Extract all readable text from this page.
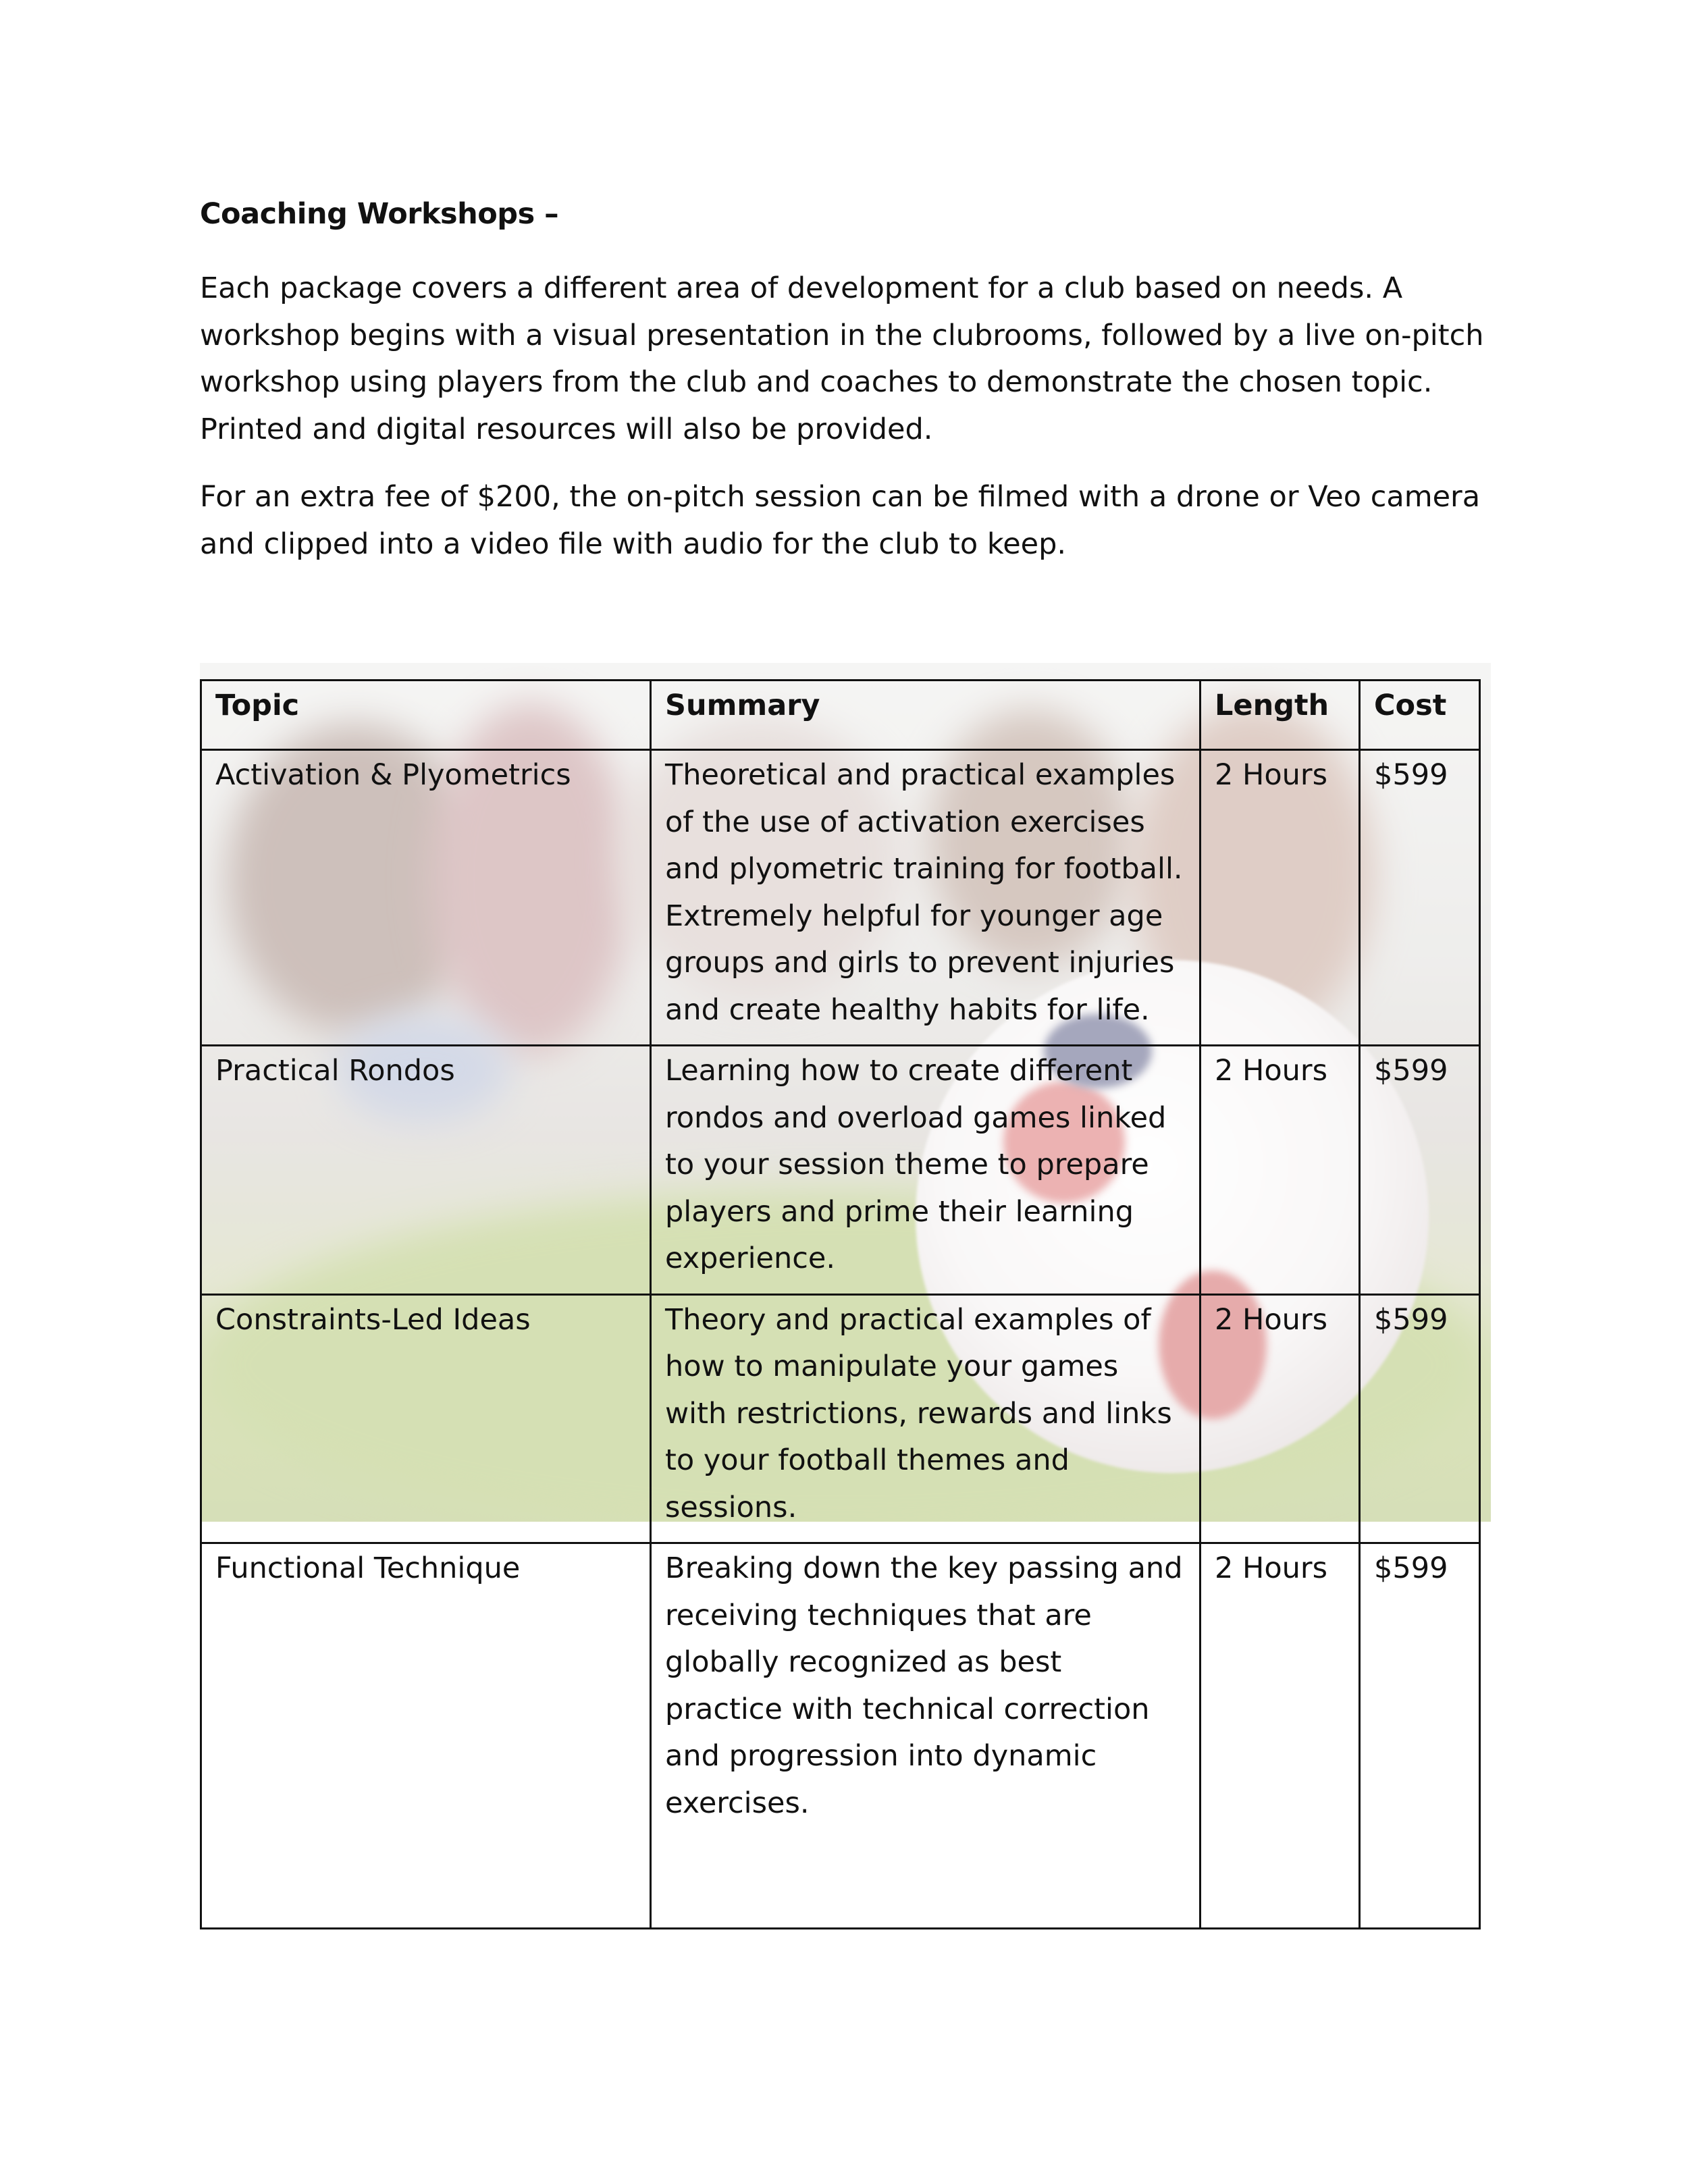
Coaching Workshops –

Each package covers a different area of development for a club based on needs. A workshop begins with a visual presentation in the clubrooms, followed by a live on-pitch workshop using players from the club and coaches to demonstrate the chosen topic. Printed and digital resources will also be provided.

For an extra fee of $200, the on-pitch session can be filmed with a drone or Veo camera and clipped into a video file with audio for the club to keep.

Topic	Summary	Length	Cost
Activation & Plyometrics	Theoretical and practical examples of the use of activation exercises and plyometric training for football. Extremely helpful for younger age groups and girls to prevent injuries and create healthy habits for life.	2 Hours	$599
Practical Rondos	Learning how to create different rondos and overload games linked to your session theme to prepare players and prime their learning experience.	2 Hours	$599
Constraints-Led Ideas	Theory and practical examples of how to manipulate your games with restrictions, rewards and links to your football themes and sessions.	2 Hours	$599
Functional Technique	Breaking down the key passing and receiving techniques that are globally recognized as best practice with technical correction and progression into dynamic exercises.	2 Hours	$599
